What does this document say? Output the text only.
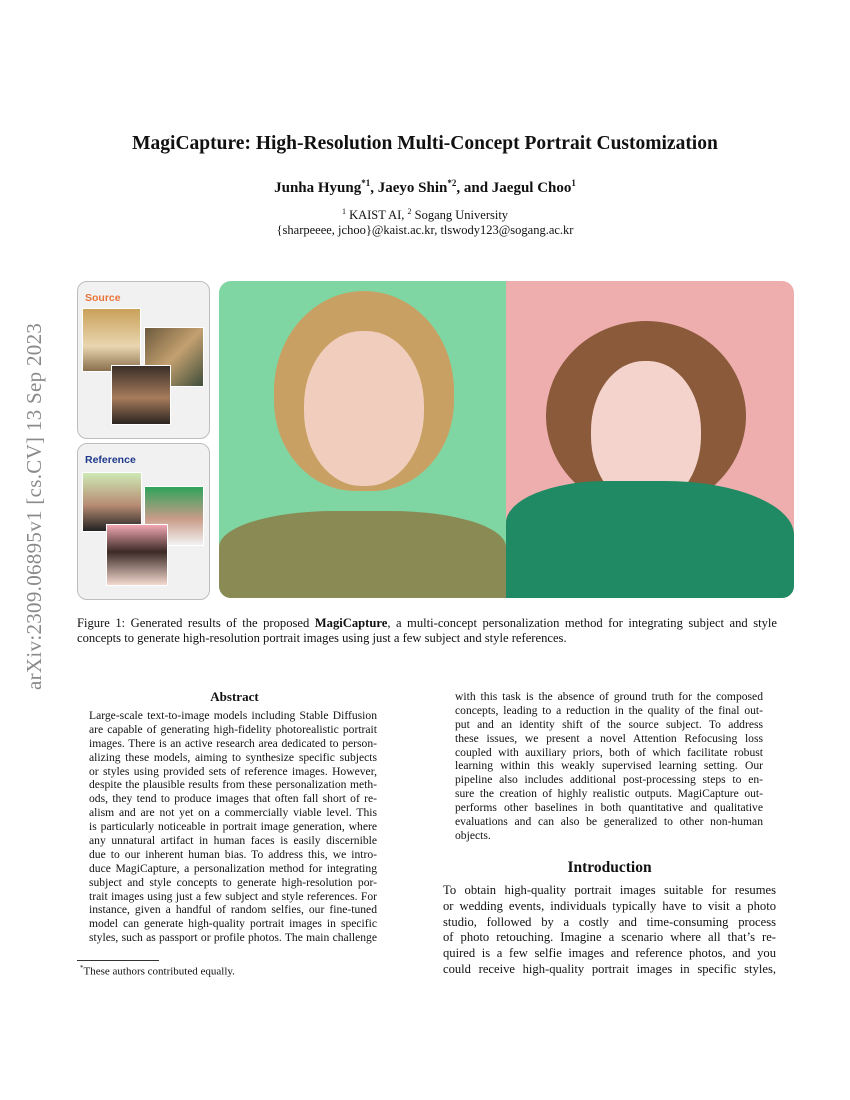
MagiCapture: High-Resolution Multi-Concept Portrait Customization
Junha Hyung$^{*1}$, Jaeyo Shin$^{*2}$, and Jaegul Choo$^1$
$^1$ KAIST AI, $^2$ Sogang University
{sharpeeee, jchoo}@kaist.ac.kr, tlswody123@sogang.ac.kr
arXiv:2309.06895v1 [cs.CV] 13 Sep 2023
Source
Reference
Figure 1: Generated results of the proposed MagiCapture, a multi-concept personalization method for integrating subject and style concepts to generate high-resolution portrait images using just a few subject and style references.
Abstract
Large-scale text-to-image models including Stable Diffusion
are capable of generating high-fidelity photorealistic portrait
images. There is an active research area dedicated to person-
alizing these models, aiming to synthesize specific subjects
or styles using provided sets of reference images. However,
despite the plausible results from these personalization meth-
ods, they tend to produce images that often fall short of re-
alism and are not yet on a commercially viable level. This
is particularly noticeable in portrait image generation, where
any unnatural artifact in human faces is easily discernible
due to our inherent human bias. To address this, we intro-
duce MagiCapture, a personalization method for integrating
subject and style concepts to generate high-resolution por-
trait images using just a few subject and style references. For
instance, given a handful of random selfies, our fine-tuned
model can generate high-quality portrait images in specific
styles, such as passport or profile photos. The main challenge
with this task is the absence of ground truth for the composed
concepts, leading to a reduction in the quality of the final out-
put and an identity shift of the source subject. To address
these issues, we present a novel Attention Refocusing loss
coupled with auxiliary priors, both of which facilitate robust
learning within this weakly supervised learning setting. Our
pipeline also includes additional post-processing steps to en-
sure the creation of highly realistic outputs. MagiCapture out-
performs other baselines in both quantitative and qualitative
evaluations and can also be generalized to other non-human
objects.
Introduction
To obtain high-quality portrait images suitable for resumes
or wedding events, individuals typically have to visit a photo
studio, followed by a costly and time-consuming process
of photo retouching. Imagine a scenario where all that’s re-
quired is a few selfie images and reference photos, and you
could receive high-quality portrait images in specific styles,
*These authors contributed equally.
